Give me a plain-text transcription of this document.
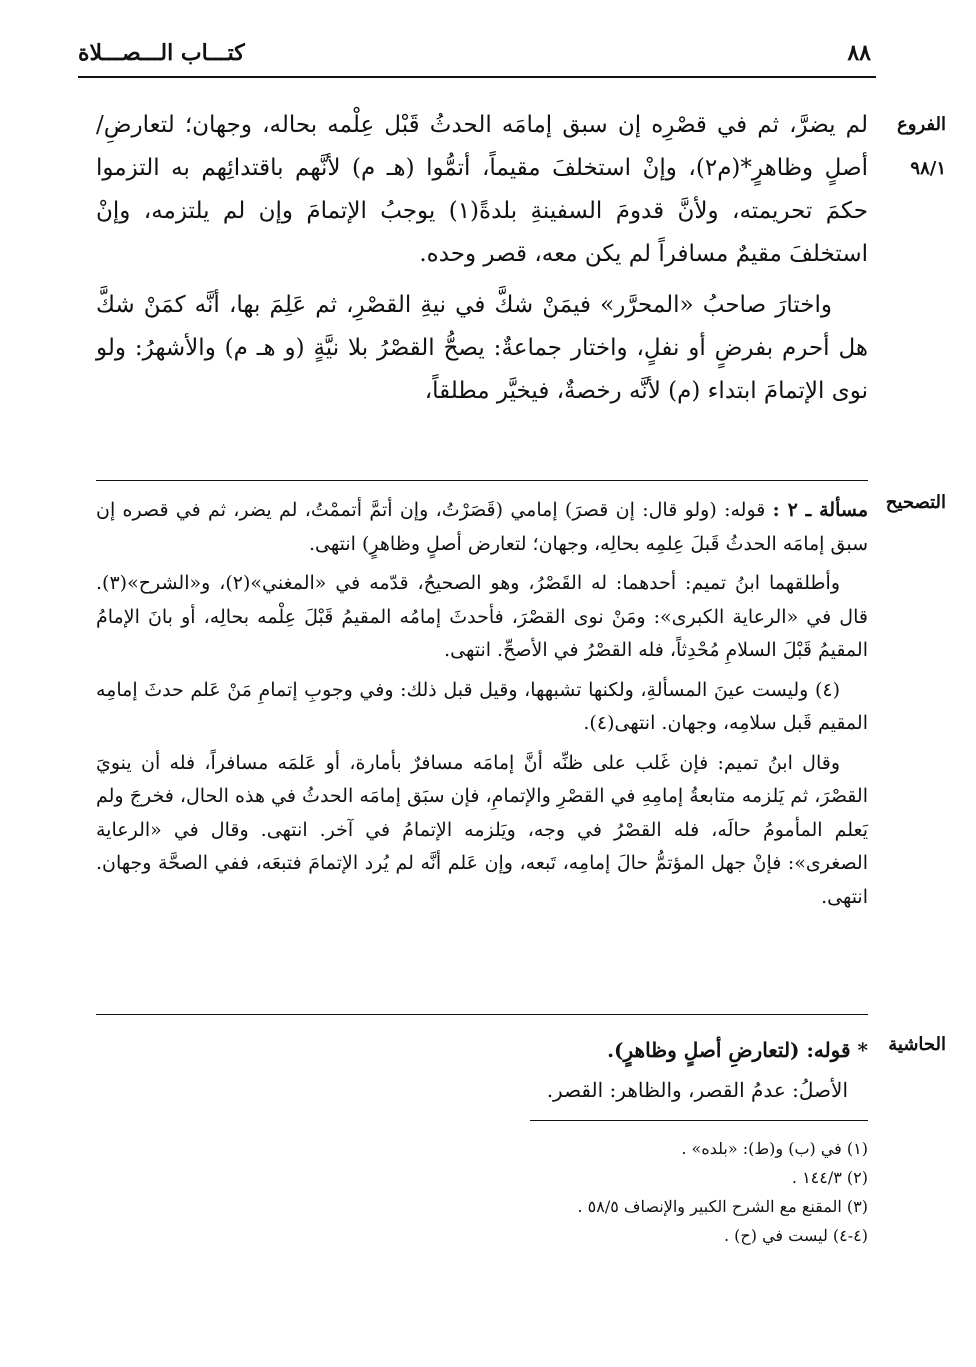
٨٨
كتـــاب الـــصـــلاة
الفروع
٩٨/١

لم يضرَّ، ثم في قصْرِه إن سبق إمامَه الحدثُ قَبْل عِلْمه بحاله، وجهان؛ لتعارضِ/ أصلٍ وظاهرٍ*(م٢)، وإنْ استخلفَ مقيماً، أتمُّوا (هـ م) لأنَّهم باقتدائِهم به التزموا حكمَ تحريمته، ولأنَّ قدومَ السفينةِ بلدةً(١) يوجبُ الإتمامَ وإن لم يلتزمه، وإنْ استخلفَ مقيمٌ مسافراً لم يكن معه، قصر وحده.

واختارَ صاحبُ «المحرَّر» فيمَنْ شكَّ في نيةِ القصْرِ، ثم عَلِمَ بها، أنَّه كمَنْ شكَّ هل أحرم بفرضٍ أو نفلٍ، واختار جماعةٌ: يصحُّ القصْرُ بلا نيَّةٍ (و هـ م) والأشهرُ: ولو نوى الإتمامَ ابتداء (م) لأنَّه رخصةٌ، فيخيَّر مطلقاً،

التصحيح

مسألة ـ ٢ : قوله: (ولو قال: إن قصرَ) إمامي (قَصَرْتُ، وإن أتمَّ أتممْتُ، لم يضر، ثم في قصره إن سبق إمامَه الحدثُ قَبلَ عِلمِه بحالِه، وجهان؛ لتعارض أصلٍ وظاهرٍ) انتهى.

وأطلقهما ابنُ تميم: أحدهما: له القَصْرُ، وهو الصحيحُ، قدّمه في «المغني»(٢)، و«الشرح»(٣). قال في «الرعاية الكبرى»: ومَنْ نوى القصْرَ، فأحدثَ إمامُه المقيمُ قَبْلَ عِلْمه بحالِه، أو بانَ الإمامُ المقيمُ قَبْلَ السلامِ مُحْدِثاً، فله القصْرُ في الأصحِّ. انتهى.

(٤) وليست عينَ المسألةِ، ولكنها تشبهها، وقيل قبل ذلك: وفي وجوبِ إتمامِ مَنْ عَلم حدثَ إمامِه المقيم قَبل سلامِه، وجهان. انتهى(٤).

وقال ابنُ تميم: فإن غَلب على ظنِّه أنَّ إمامَه مسافرٌ بأمارة، أو عَلمَه مسافراً، فله أن ينويَ القصْرَ، ثم يَلزمه متابعةُ إمامِهِ في القصْرِ والإتمامِ، فإن سبَق إمامَه الحدثُ في هذه الحال، فخرجَ ولم يَعلم المأمومُ حالَه، فله القصْرُ في وجه، ويَلزمه الإتمامُ في آخر. انتهى. وقال في «الرعاية الصغرى»: فإنْ جهل المؤتمُّ حالَ إمامِه، تَبعه، وإن عَلم أنَّه لم يُرد الإتمامَ فتبعَه، ففي الصحَّة وجهان. انتهى.

الحاشية

* قوله: (لتعارضِ أصلٍ وظاهرٍ).

الأصلُ: عدمُ القصر، والظاهر: القصر.

(١) في (ب) و(ط): «بلده» .
(٢) ١٤٤/٣ .
(٣) المقنع مع الشرح الكبير والإنصاف ٥٨/٥ .
(٤-٤) ليست في (ح) .
